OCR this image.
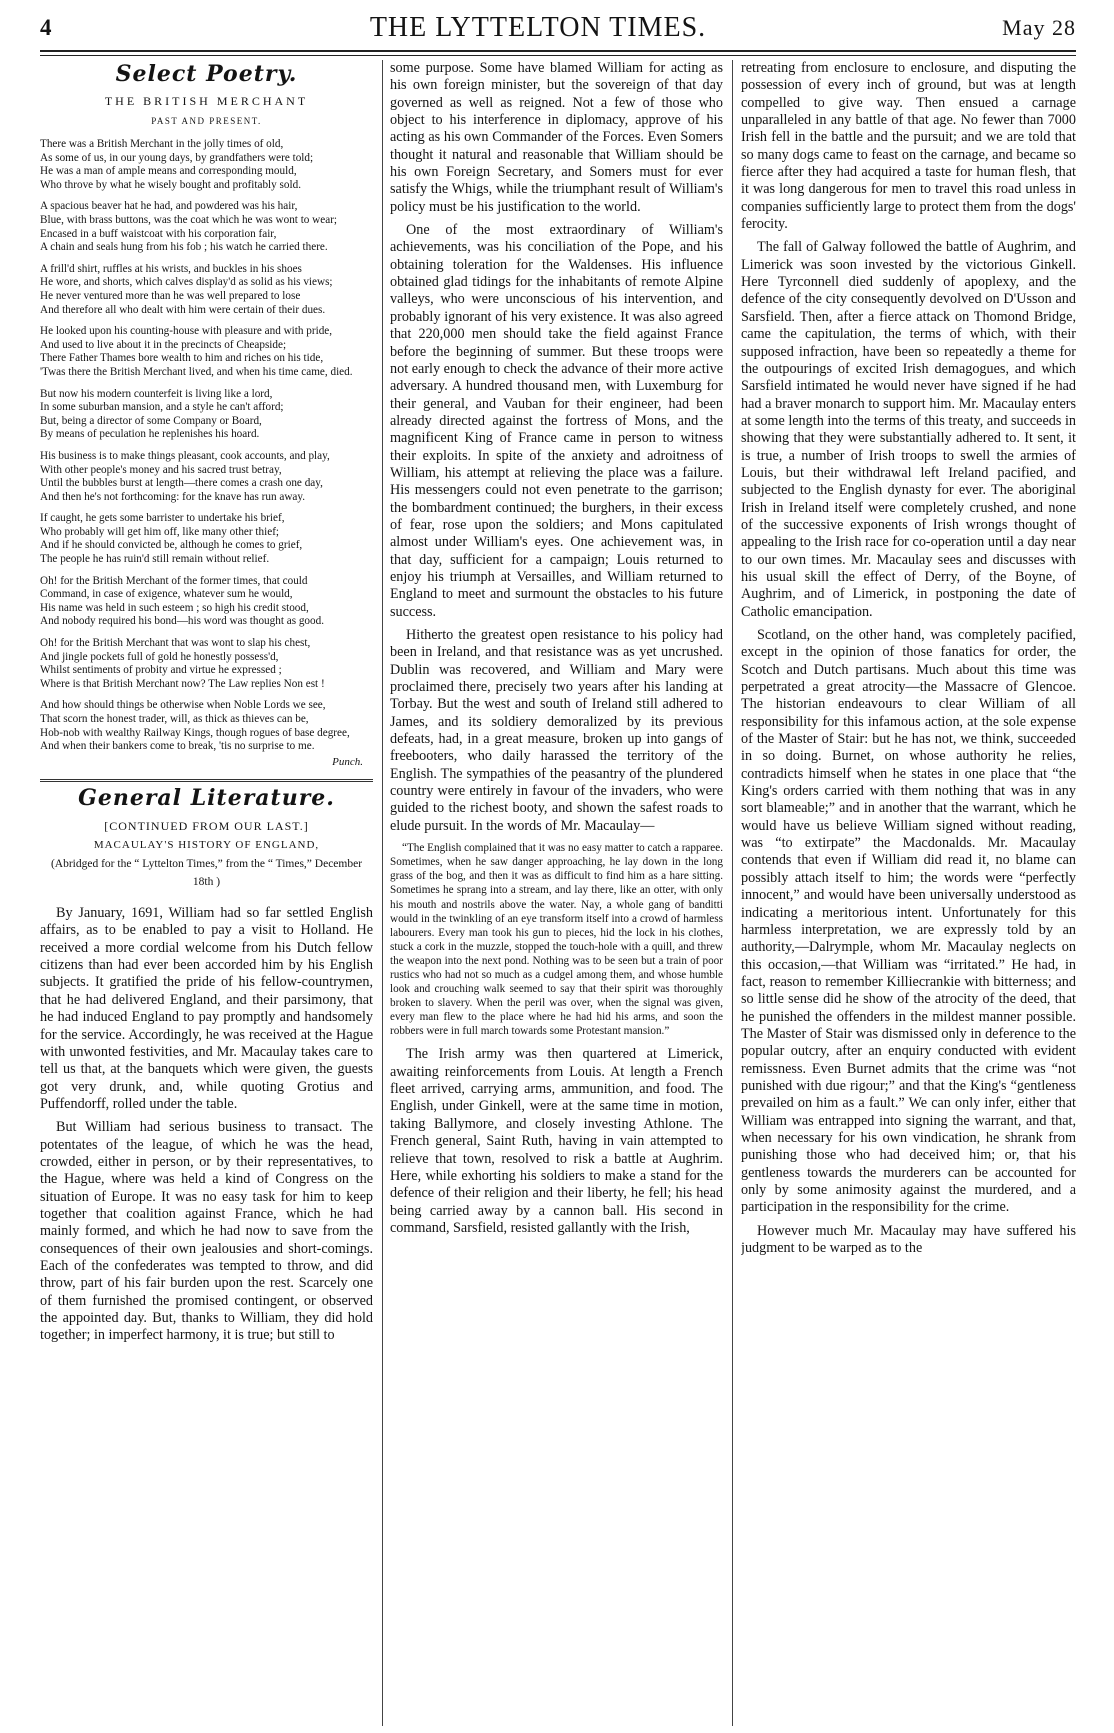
4	THE LYTTELTON TIMES.	May 28
Select Poetry.
THE BRITISH MERCHANT
PAST AND PRESENT.

There was a British Merchant in the jolly times of old,

As some of us, in our young days, by grandfathers were told;

He was a man of ample means and corresponding mould,

Who throve by what he wisely bought and profitably sold.

A spacious beaver hat he had, and powdered was his hair,

Blue, with brass buttons, was the coat which he was wont to wear;

Encased in a buff waistcoat with his corporation fair,

A chain and seals hung from his fob ; his watch he carried there.

A frill'd shirt, ruffles at his wrists, and buckles in his shoes

He wore, and shorts, which calves display'd as solid as his views;

He never ventured more than he was well prepared to lose

And therefore all who dealt with him were certain of their dues.

He looked upon his counting-house with pleasure and with pride,

And used to live about it in the precincts of Cheapside;

There Father Thames bore wealth to him and riches on his tide,

'Twas there the British Merchant lived, and when his time came, died.

But now his modern counterfeit is living like a lord,

In some suburban mansion, and a style he can't afford;

But, being a director of some Company or Board,

By means of peculation he replenishes his hoard.

His business is to make things pleasant, cook accounts, and play,

With other people's money and his sacred trust betray,

Until the bubbles burst at length—there comes a crash one day,

And then he's not forthcoming: for the knave has run away.

If caught, he gets some barrister to undertake his brief,

Who probably will get him off, like many other thief;

And if he should convicted be, although he comes to grief,

The people he has ruin'd still remain without relief.

Oh! for the British Merchant of the former times, that could

Command, in case of exigence, whatever sum he would,

His name was held in such esteem ; so high his credit stood,

And nobody required his bond—his word was thought as good.

Oh! for the British Merchant that was wont to slap his chest,

And jingle pockets full of gold he honestly possess'd,

Whilst sentiments of probity and virtue he expressed ;

Where is that British Merchant now? The Law replies Non est !

And how should things be otherwise when Noble Lords we see,

That scorn the honest trader, will, as thick as thieves can be,

Hob-nob with wealthy Railway Kings, though rogues of base degree,

And when their bankers come to break, 'tis no surprise to me.

Punch.
General Literature.
[CONTINUED FROM OUR LAST.]
MACAULAY'S HISTORY OF ENGLAND,
(Abridged for the “ Lyttelton Times,” from the “ Times,” December 18th )

By January, 1691, William had so far settled English affairs, as to be enabled to pay a visit to Holland. He received a more cordial welcome from his Dutch fellow citizens than had ever been accorded him by his English subjects. It gratified the pride of his fellow-countrymen, that he had delivered England, and their parsimony, that he had induced England to pay promptly and handsomely for the service. Accordingly, he was received at the Hague with unwonted festivities, and Mr. Macaulay takes care to tell us that, at the banquets which were given, the guests got very drunk, and, while quoting Grotius and Puffendorff, rolled under the table.

But William had serious business to transact. The potentates of the league, of which he was the head, crowded, either in person, or by their representatives, to the Hague, where was held a kind of Congress on the situation of Europe. It was no easy task for him to keep together that coalition against France, which he had mainly formed, and which he had now to save from the consequences of their own jealousies and short-comings. Each of the confederates was tempted to throw, and did throw, part of his fair burden upon the rest. Scarcely one of them furnished the promised contingent, or observed the appointed day. But, thanks to William, they did hold together; in imperfect harmony, it is true; but still to

some purpose. Some have blamed William for acting as his own foreign minister, but the sovereign of that day governed as well as reigned. Not a few of those who object to his interference in diplomacy, approve of his acting as his own Commander of the Forces. Even Somers thought it natural and reasonable that William should be his own Foreign Secretary, and Somers must for ever satisfy the Whigs, while the triumphant result of William's policy must be his justification to the world.

One of the most extraordinary of William's achievements, was his conciliation of the Pope, and his obtaining toleration for the Waldenses. His influence obtained glad tidings for the inhabitants of remote Alpine valleys, who were unconscious of his intervention, and probably ignorant of his very existence. It was also agreed that 220,000 men should take the field against France before the beginning of summer. But these troops were not early enough to check the advance of their more active adversary. A hundred thousand men, with Luxemburg for their general, and Vauban for their engineer, had been already directed against the fortress of Mons, and the magnificent King of France came in person to witness their exploits. In spite of the anxiety and adroitness of William, his attempt at relieving the place was a failure. His messengers could not even penetrate to the garrison; the bombardment continued; the burghers, in their excess of fear, rose upon the soldiers; and Mons capitulated almost under William's eyes. One achievement was, in that day, sufficient for a campaign; Louis returned to enjoy his triumph at Versailles, and William returned to England to meet and surmount the obstacles to his future success.

Hitherto the greatest open resistance to his policy had been in Ireland, and that resistance was as yet uncrushed. Dublin was recovered, and William and Mary were proclaimed there, precisely two years after his landing at Torbay. But the west and south of Ireland still adhered to James, and its soldiery demoralized by its previous defeats, had, in a great measure, broken up into gangs of freebooters, who daily harassed the territory of the English. The sympathies of the peasantry of the plundered country were entirely in favour of the invaders, who were guided to the richest booty, and shown the safest roads to elude pursuit. In the words of Mr. Macaulay—

“The English complained that it was no easy matter to catch a rapparee. Sometimes, when he saw danger approaching, he lay down in the long grass of the bog, and then it was as difficult to find him as a hare sitting. Sometimes he sprang into a stream, and lay there, like an otter, with only his mouth and nostrils above the water. Nay, a whole gang of banditti would in the twinkling of an eye transform itself into a crowd of harmless labourers. Every man took his gun to pieces, hid the lock in his clothes, stuck a cork in the muzzle, stopped the touch-hole with a quill, and threw the weapon into the next pond. Nothing was to be seen but a train of poor rustics who had not so much as a cudgel among them, and whose humble look and crouching walk seemed to say that their spirit was thoroughly broken to slavery. When the peril was over, when the signal was given, every man flew to the place where he had hid his arms, and soon the robbers were in full march towards some Protestant mansion.”

The Irish army was then quartered at Limerick, awaiting reinforcements from Louis. At length a French fleet arrived, carrying arms, ammunition, and food. The English, under Ginkell, were at the same time in motion, taking Ballymore, and closely investing Athlone. The French general, Saint Ruth, having in vain attempted to relieve that town, resolved to risk a battle at Aughrim. Here, while exhorting his soldiers to make a stand for the defence of their religion and their liberty, he fell; his head being carried away by a cannon ball. His second in command, Sarsfield, resisted gallantly with the Irish,

retreating from enclosure to enclosure, and disputing the possession of every inch of ground, but was at length compelled to give way. Then ensued a carnage unparalleled in any battle of that age. No fewer than 7000 Irish fell in the battle and the pursuit; and we are told that so many dogs came to feast on the carnage, and became so fierce after they had acquired a taste for human flesh, that it was long dangerous for men to travel this road unless in companies sufficiently large to protect them from the dogs' ferocity.

The fall of Galway followed the battle of Aughrim, and Limerick was soon invested by the victorious Ginkell. Here Tyrconnell died suddenly of apoplexy, and the defence of the city consequently devolved on D'Usson and Sarsfield. Then, after a fierce attack on Thomond Bridge, came the capitulation, the terms of which, with their supposed infraction, have been so repeatedly a theme for the outpourings of excited Irish demagogues, and which Sarsfield intimated he would never have signed if he had had a braver monarch to support him. Mr. Macaulay enters at some length into the terms of this treaty, and succeeds in showing that they were substantially adhered to. It sent, it is true, a number of Irish troops to swell the armies of Louis, but their withdrawal left Ireland pacified, and subjected to the English dynasty for ever. The aboriginal Irish in Ireland itself were completely crushed, and none of the successive exponents of Irish wrongs thought of appealing to the Irish race for co-operation until a day near to our own times. Mr. Macaulay sees and discusses with his usual skill the effect of Derry, of the Boyne, of Aughrim, and of Limerick, in postponing the date of Catholic emancipation.

Scotland, on the other hand, was completely pacified, except in the opinion of those fanatics for order, the Scotch and Dutch partisans. Much about this time was perpetrated a great atrocity—the Massacre of Glencoe. The historian endeavours to clear William of all responsibility for this infamous action, at the sole expense of the Master of Stair: but he has not, we think, succeeded in so doing. Burnet, on whose authority he relies, contradicts himself when he states in one place that “the King's orders carried with them nothing that was in any sort blameable;” and in another that the warrant, which he would have us believe William signed without reading, was “to extirpate” the Macdonalds. Mr. Macaulay contends that even if William did read it, no blame can possibly attach itself to him; the words were “perfectly innocent,” and would have been universally understood as indicating a meritorious intent. Unfortunately for this harmless interpretation, we are expressly told by an authority,—Dalrymple, whom Mr. Macaulay neglects on this occasion,—that William was “irritated.” He had, in fact, reason to remember Killiecrankie with bitterness; and so little sense did he show of the atrocity of the deed, that he punished the offenders in the mildest manner possible. The Master of Stair was dismissed only in deference to the popular outcry, after an enquiry conducted with evident remissness. Even Burnet admits that the crime was “not punished with due rigour;” and that the King's “gentleness prevailed on him as a fault.” We can only infer, either that William was entrapped into signing the warrant, and that, when necessary for his own vindication, he shrank from punishing those who had deceived him; or, that his gentleness towards the murderers can be accounted for only by some animosity against the murdered, and a participation in the responsibility for the crime.

However much Mr. Macaulay may have suffered his judgment to be warped as to the
